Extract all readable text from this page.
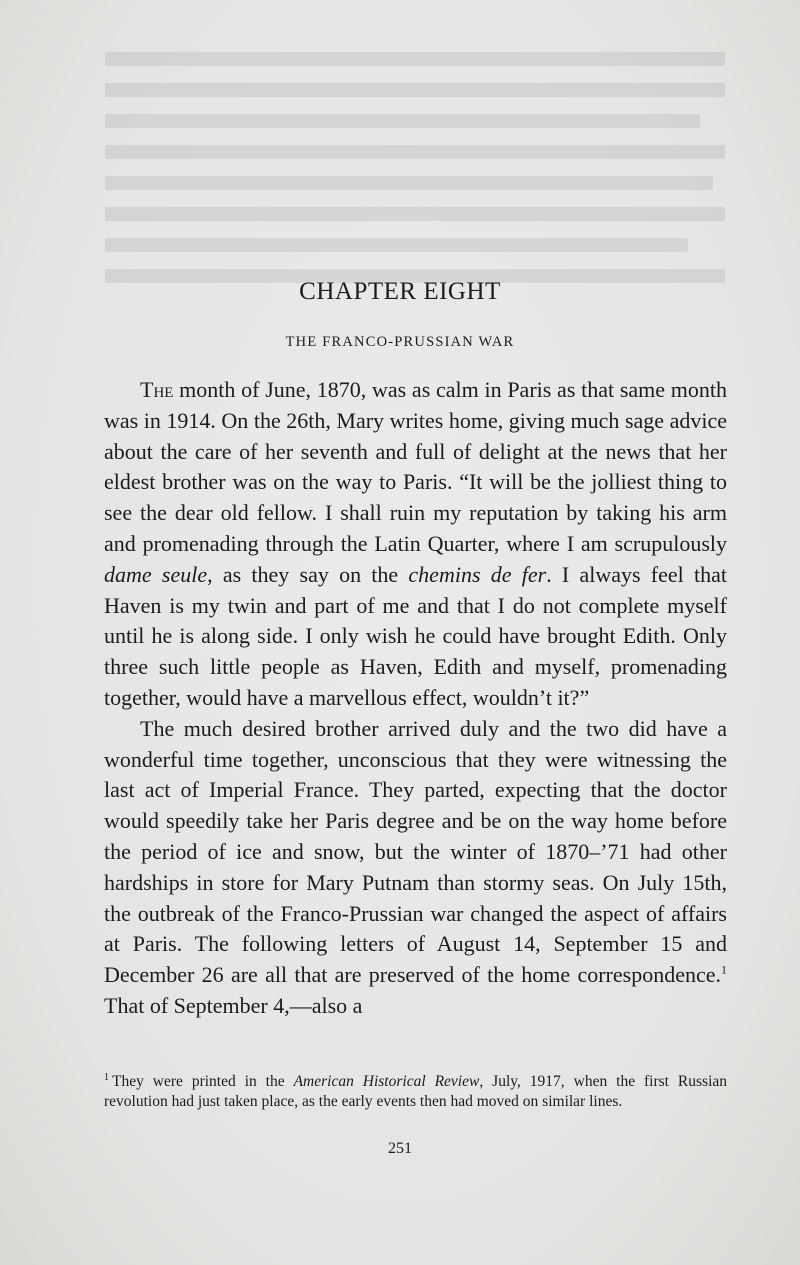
CHAPTER EIGHT
THE FRANCO-PRUSSIAN WAR

The month of June, 1870, was as calm in Paris as that same month was in 1914. On the 26th, Mary writes home, giving much sage advice about the care of her seventh and full of delight at the news that her eldest brother was on the way to Paris. “It will be the jolliest thing to see the dear old fellow. I shall ruin my reputation by taking his arm and promenading through the Latin Quarter, where I am scrupulously dame seule, as they say on the chemins de fer. I always feel that Haven is my twin and part of me and that I do not complete myself until he is along side. I only wish he could have brought Edith. Only three such little people as Haven, Edith and myself, promenading together, would have a marvellous effect, wouldn’t it?”

The much desired brother arrived duly and the two did have a wonderful time together, unconscious that they were witnessing the last act of Imperial France. They parted, expecting that the doctor would speedily take her Paris degree and be on the way home before the period of ice and snow, but the winter of 1870–’71 had other hardships in store for Mary Putnam than stormy seas. On July 15th, the outbreak of the Franco-Prussian war changed the aspect of affairs at Paris. The following letters of August 14, September 15 and December 26 are all that are preserved of the home correspondence.$^1$ That of September 4,—also a

$^1$ They were printed in the American Historical Review, July, 1917, when the first Russian revolution had just taken place, as the early events then had moved on similar lines.
251
